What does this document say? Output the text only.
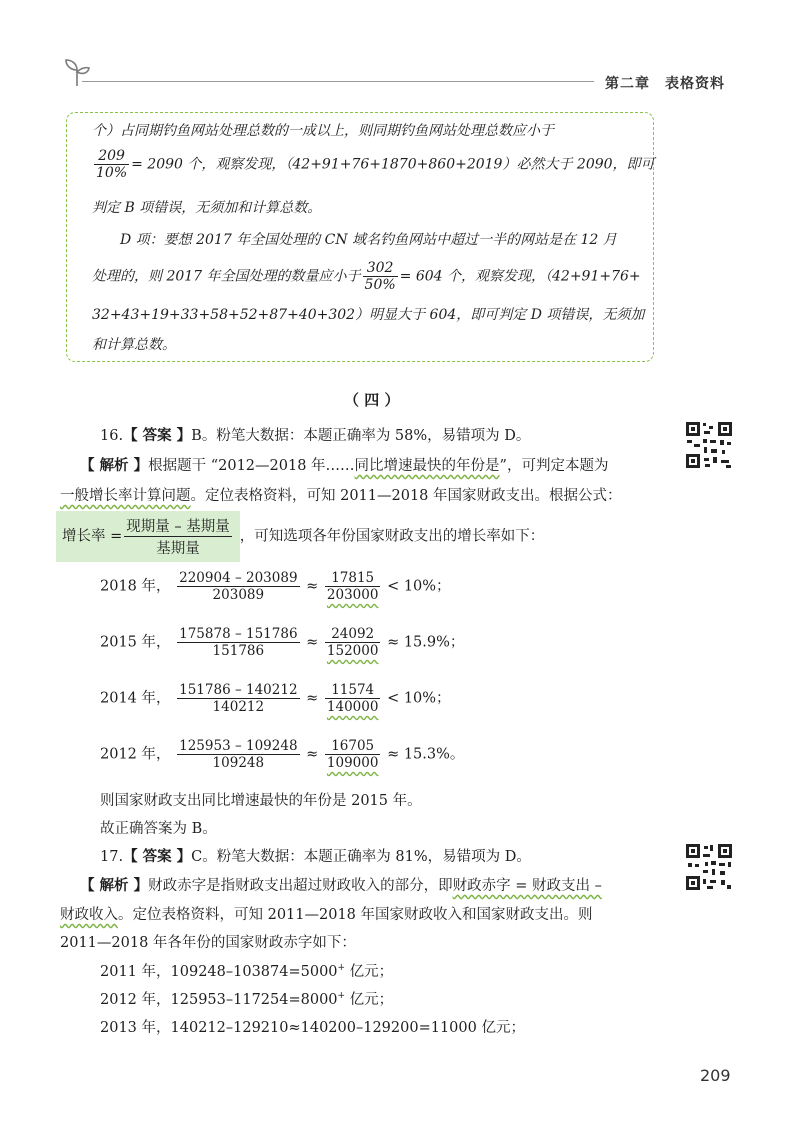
第二章　表格资料
个）占同期钓鱼网站处理总数的一成以上，则同期钓鱼网站处理总数应小于
$\frac{209}{10\%} = 2090$ 个，观察发现，（42+91+76+1870+860+2019）必然大于 2090，即可
判定 B 项错误，无须加和计算总数。
D 项：要想 2017 年全国处理的 CN 域名钓鱼网站中超过一半的网站是在 12 月
处理的，则 2017 年全国处理的数量应小于 $\frac{302}{50\%} = 604$ 个，观察发现，（42+91+76+
32+43+19+33+58+52+87+40+302）明显大于 604，即可判定 D 项错误，无须加
和计算总数。
（ 四 ）
16.【 答案 】B。粉笔大数据：本题正确率为 58%，易错项为 D。
【 解析 】根据题干 “2012—2018 年……同比增速最快的年份是”，可判定本题为
一般增长率计算问题。定位表格资料，可知 2011—2018 年国家财政支出。根据公式：
增长率 = $\frac{\text{现期量 – 基期量}}{\text{基期量}}$ ，可知选项各年份国家财政支出的增长率如下：
2018 年， $\frac{220904 - 203089}{203089} \approx \frac{17815}{203000} < 10\%$；
2015 年， $\frac{175878 - 151786}{151786} \approx \frac{24092}{152000} \approx 15.9\%$；
2014 年， $\frac{151786 - 140212}{140212} \approx \frac{11574}{140000} < 10\%$；
2012 年， $\frac{125953 - 109248}{109248} \approx \frac{16705}{109000} \approx 15.3\%$。
则国家财政支出同比增速最快的年份是 2015 年。
故正确答案为 B。
17.【 答案 】C。粉笔大数据：本题正确率为 81%，易错项为 D。
【 解析 】财政赤字是指财政支出超过财政收入的部分，即财政赤字 = 财政支出 –
财政收入。定位表格资料，可知 2011—2018 年国家财政收入和国家财政支出。则
2011—2018 年各年份的国家财政赤字如下：
2011 年，109248–103874=5000+ 亿元；
2012 年，125953–117254=8000+ 亿元；
2013 年，140212–129210≈140200–129200=11000 亿元；
209
